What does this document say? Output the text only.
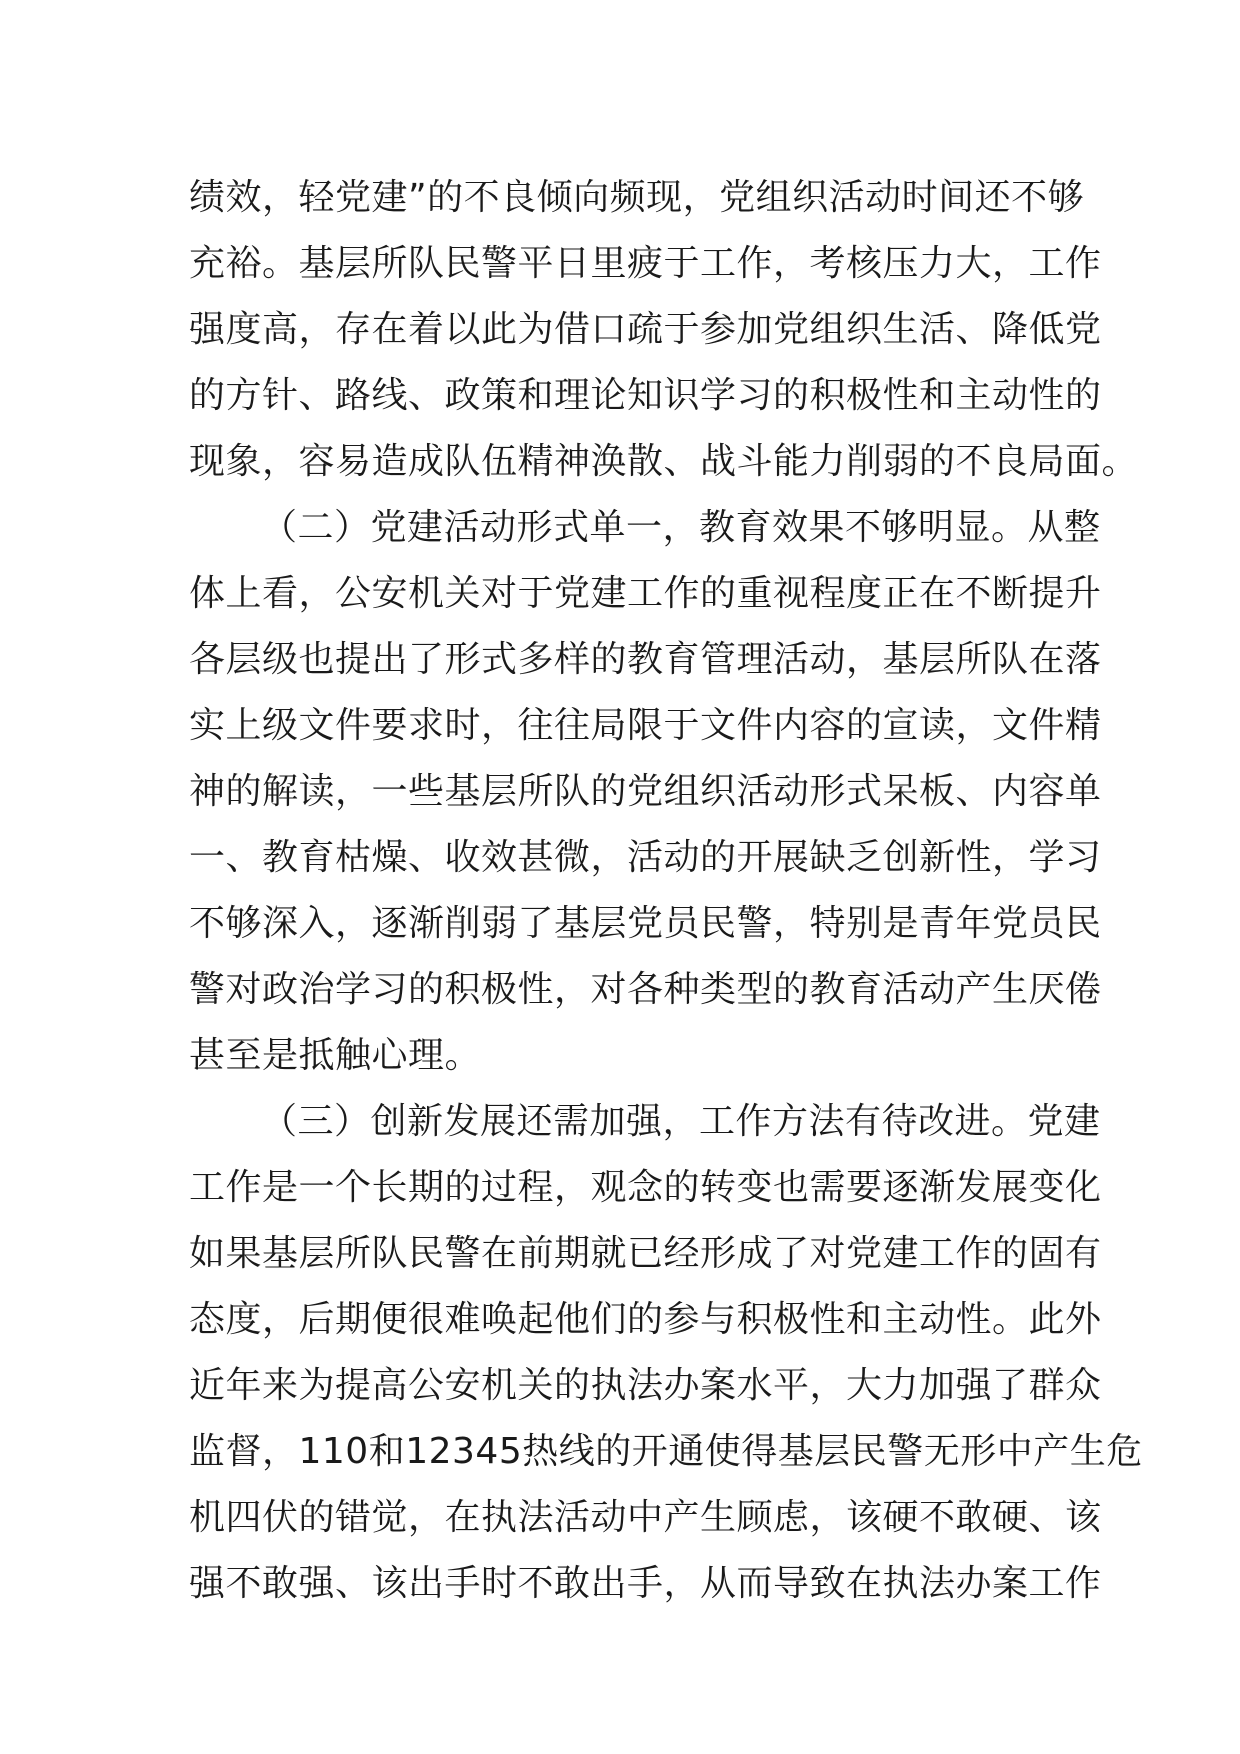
绩效，轻党建”的不良倾向频现，党组织活动时间还不够
充裕。基层所队民警平日里疲于工作，考核压力大，工作
强度高，存在着以此为借口疏于参加党组织生活、降低党
的方针、路线、政策和理论知识学习的积极性和主动性的
现象，容易造成队伍精神涣散、战斗能力削弱的不良局面。
（二）党建活动形式单一，教育效果不够明显。从整
体上看，公安机关对于党建工作的重视程度正在不断提升
各层级也提出了形式多样的教育管理活动，基层所队在落
实上级文件要求时，往往局限于文件内容的宣读，文件精
神的解读，一些基层所队的党组织活动形式呆板、内容单
一、教育枯燥、收效甚微，活动的开展缺乏创新性，学习
不够深入，逐渐削弱了基层党员民警，特别是青年党员民
警对政治学习的积极性，对各种类型的教育活动产生厌倦
甚至是抵触心理。
（三）创新发展还需加强，工作方法有待改进。党建
工作是一个长期的过程，观念的转变也需要逐渐发展变化
如果基层所队民警在前期就已经形成了对党建工作的固有
态度，后期便很难唤起他们的参与积极性和主动性。此外
近年来为提高公安机关的执法办案水平，大力加强了群众
监督，110和12345热线的开通使得基层民警无形中产生危
机四伏的错觉，在执法活动中产生顾虑，该硬不敢硬、该
强不敢强、该出手时不敢出手，从而导致在执法办案工作
